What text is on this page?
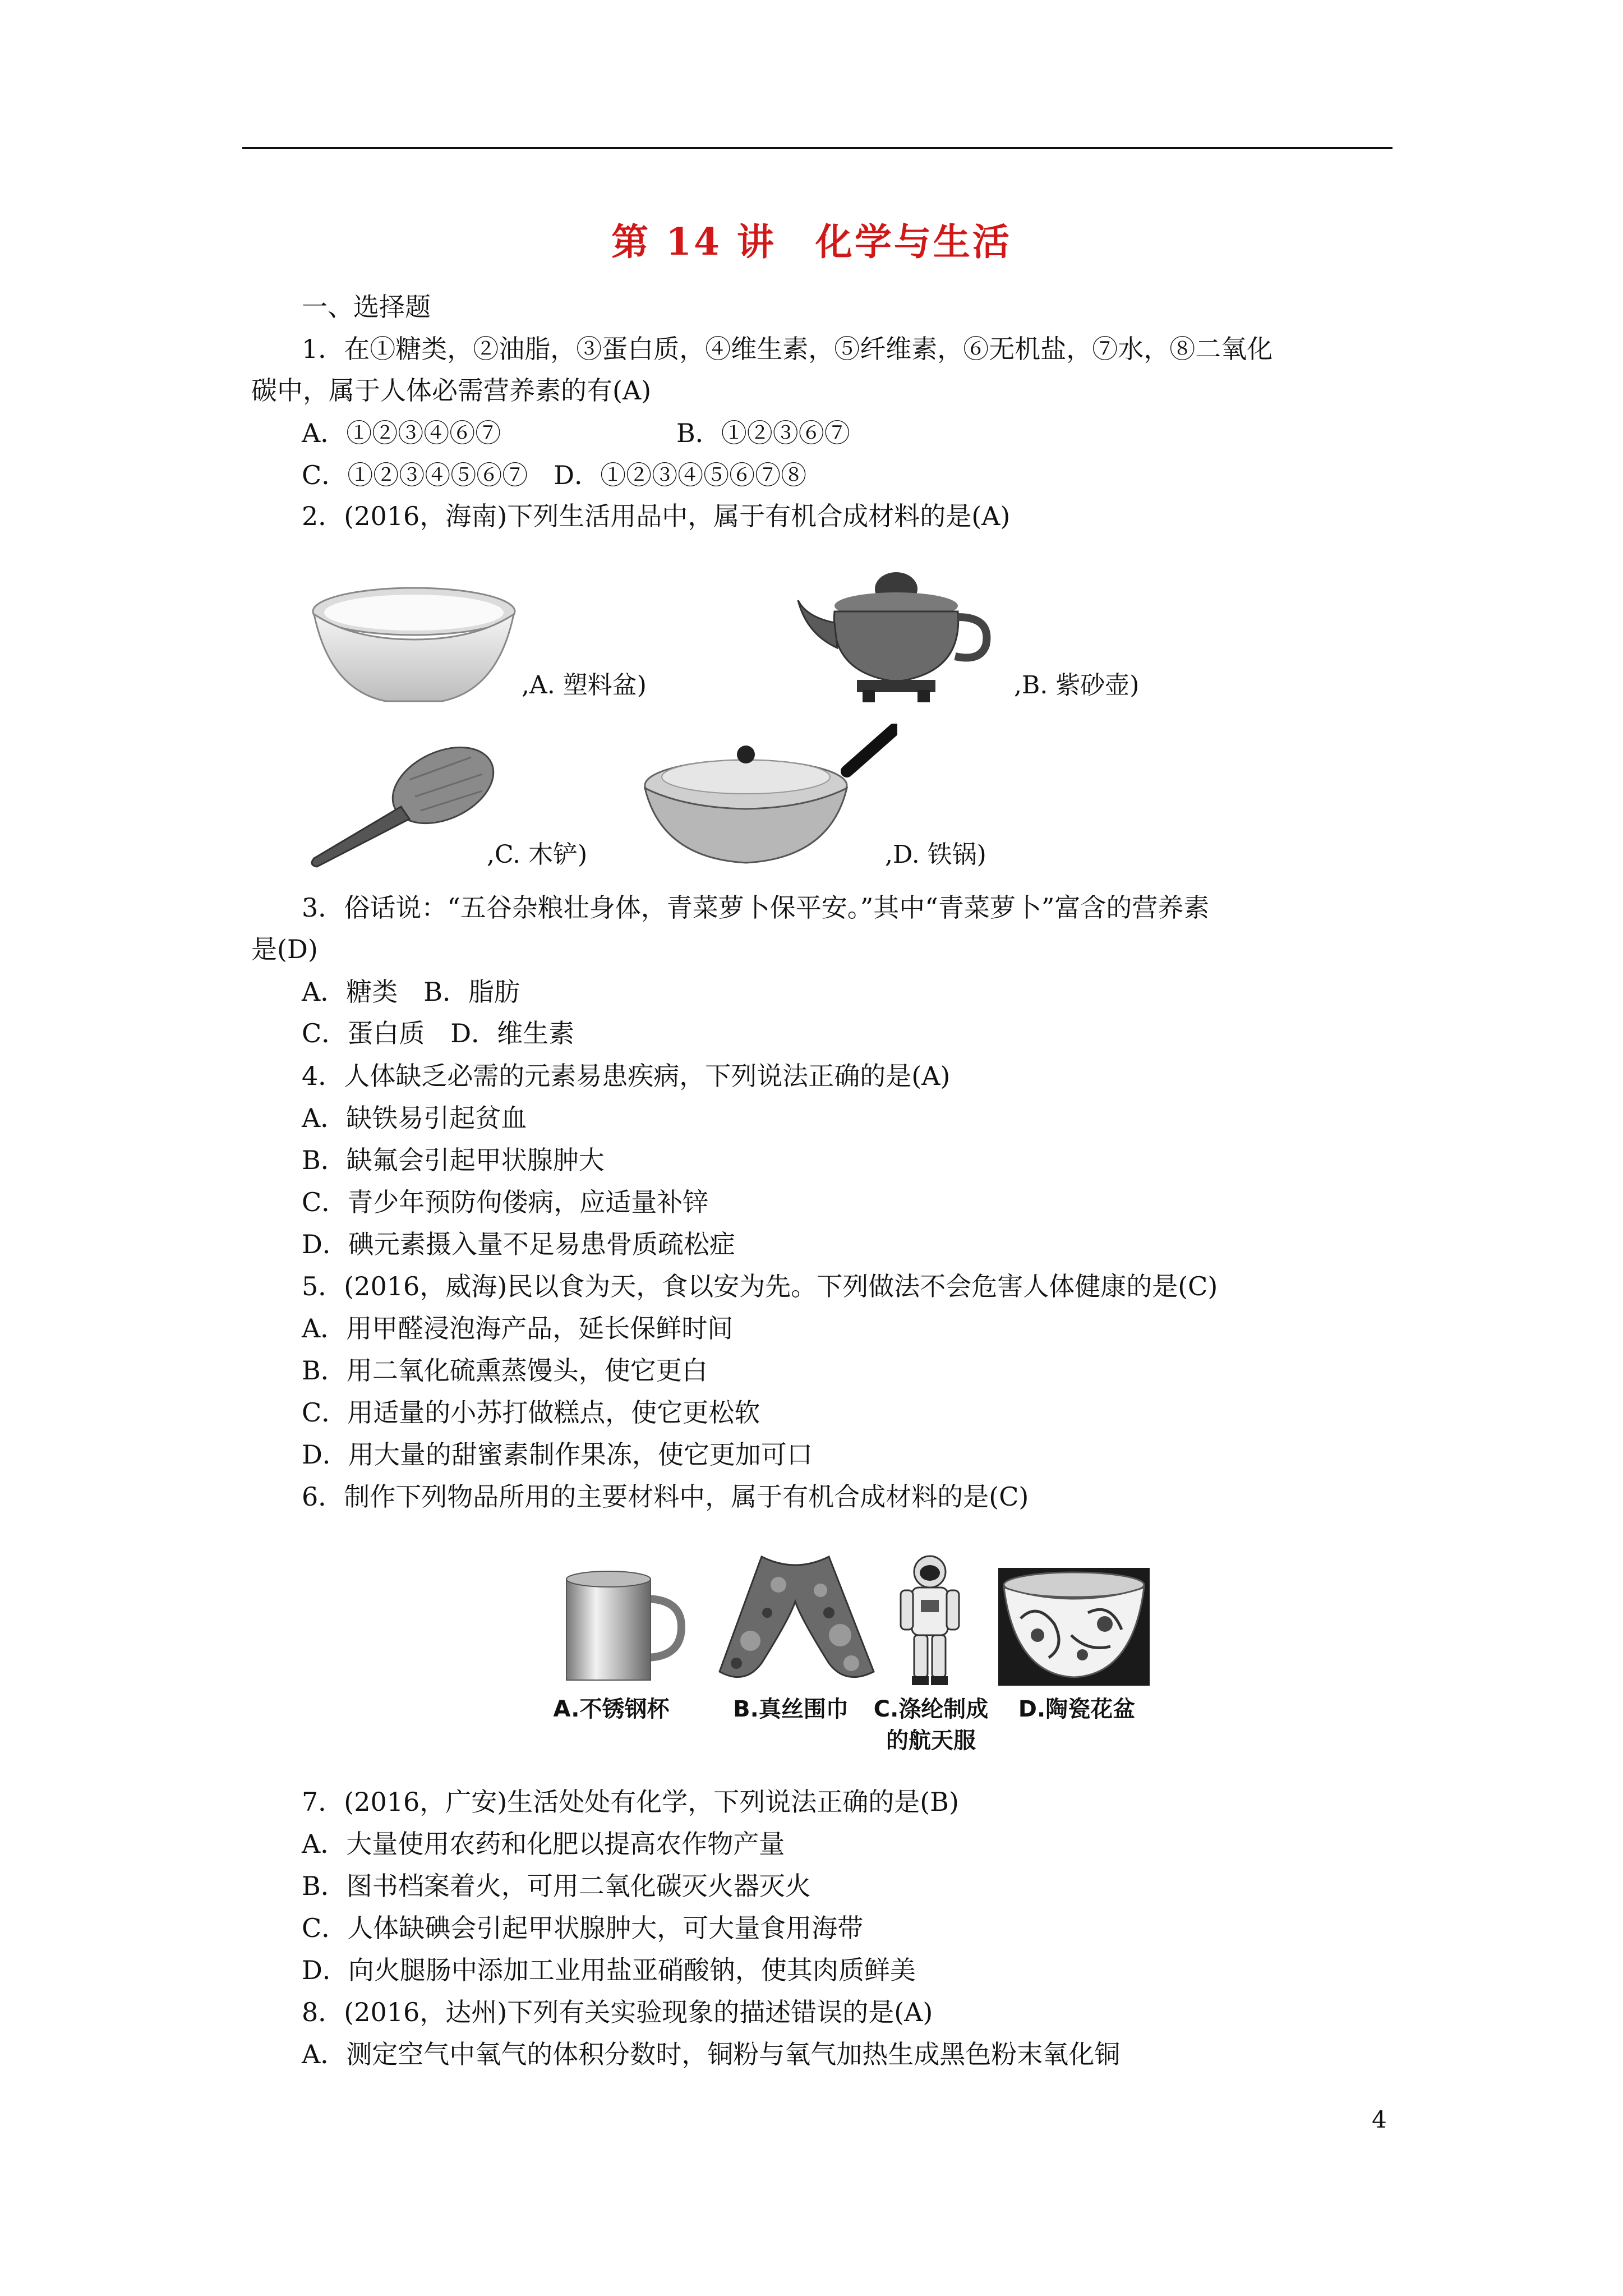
第 14 讲　化学与生活
一、选择题
1．在①糖类，②油脂，③蛋白质，④维生素，⑤纤维素，⑥无机盐，⑦水，⑧二氧化
碳中，属于人体必需营养素的有(A)
A．①②③④⑥⑦	B．①②③⑥⑦
C．①②③④⑤⑥⑦　D．①②③④⑤⑥⑦⑧
2．(2016，海南)下列生活用品中，属于有机合成材料的是(A)
,A. 塑料盆)	,B. 紫砂壶)
,C. 木铲)	,D. 铁锅)
3．俗话说：“五谷杂粮壮身体，青菜萝卜保平安。”其中“青菜萝卜”富含的营养素
是(D)
A．糖类　B．脂肪
C．蛋白质　D．维生素
4．人体缺乏必需的元素易患疾病，下列说法正确的是(A)
A．缺铁易引起贫血
B．缺氟会引起甲状腺肿大
C．青少年预防佝偻病，应适量补锌
D．碘元素摄入量不足易患骨质疏松症
5．(2016，威海)民以食为天，食以安为先。下列做法不会危害人体健康的是(C)
A．用甲醛浸泡海产品，延长保鲜时间
B．用二氧化硫熏蒸馒头，使它更白
C．用适量的小苏打做糕点，使它更松软
D．用大量的甜蜜素制作果冻，使它更加可口
6．制作下列物品所用的主要材料中，属于有机合成材料的是(C)
A.不锈钢杯	B.真丝围巾	C.涤纶制成
的航天服
D.陶瓷花盆
7．(2016，广安)生活处处有化学，下列说法正确的是(B)
A．大量使用农药和化肥以提高农作物产量
B．图书档案着火，可用二氧化碳灭火器灭火
C．人体缺碘会引起甲状腺肿大，可大量食用海带
D．向火腿肠中添加工业用盐亚硝酸钠，使其肉质鲜美
8．(2016，达州)下列有关实验现象的描述错误的是(A)
A．测定空气中氧气的体积分数时，铜粉与氧气加热生成黑色粉末氧化铜
4
